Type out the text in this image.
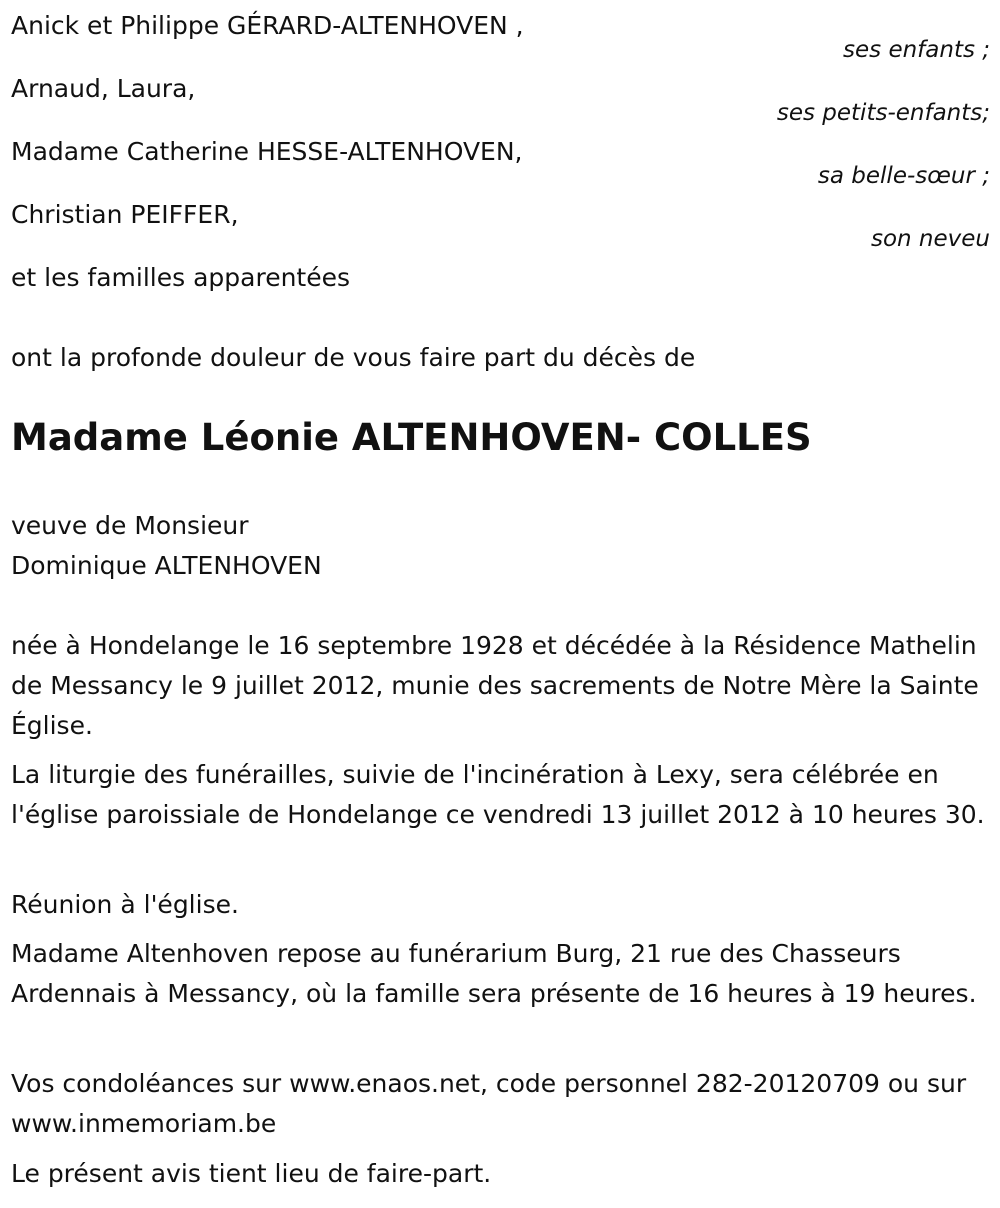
Anick et Philippe GÉRARD-ALTENHOVEN ,
ses enfants ;
Arnaud, Laura,
ses petits-enfants;
Madame Catherine HESSE-ALTENHOVEN,
sa belle-sœur ;
Christian PEIFFER,
son neveu
et les familles apparentées
ont la profonde douleur de vous faire part du décès de
Madame Léonie ALTENHOVEN- COLLES
veuve de Monsieur
Dominique ALTENHOVEN
née à Hondelange le 16 septembre 1928 et décédée à la Résidence Mathelin de Messancy le 9 juillet 2012, munie des sacrements de Notre Mère la Sainte Église.
La liturgie des funérailles, suivie de l'incinération à Lexy, sera célébrée en l'église paroissiale de Hondelange ce vendredi 13 juillet 2012 à 10 heures 30.
Réunion à l'église.
Madame Altenhoven repose au funérarium Burg, 21 rue des Chasseurs Ardennais à Messancy, où la famille sera présente de 16 heures à 19 heures.
Vos condoléances sur www.enaos.net, code personnel 282-20120709 ou sur www.inmemoriam.be
Le présent avis tient lieu de faire-part.
